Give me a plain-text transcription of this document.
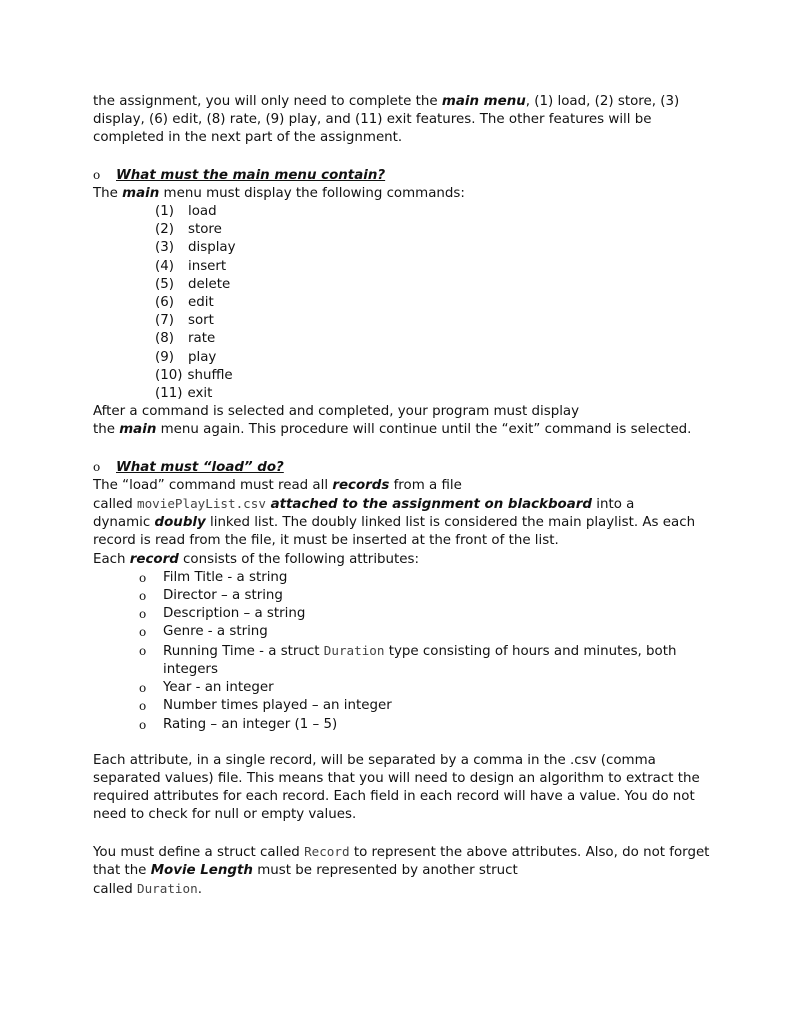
the assignment, you will only need to complete the main menu, (1) load, (2) store, (3) display, (6) edit, (8) rate, (9) play, and (11) exit features. The other features will be completed in the next part of the assignment.

o	What must the main menu contain?

The main menu must display the following commands:

(1)	load
(2)	store
(3)	display
(4)	insert
(5)	delete
(6)	edit
(7)	sort
(8)	rate
(9)	play
(10) shuffle
(11) exit

After a command is selected and completed, your program must display

the main menu again. This procedure will continue until the “exit” command is selected.

o	What must “load” do?

The “load” command must read all records from a file

called moviePlayList.csv attached to the assignment on blackboard into a

dynamic doubly linked list. The doubly linked list is considered the main playlist. As each record is read from the file, it must be inserted at the front of the list.

Each record consists of the following attributes:

o	Film Title - a string
o	Director – a string
o	Description – a string
o	Genre - a string
o	Running Time - a struct Duration type consisting of hours and minutes, both integers
o	Year - an integer
o	Number times played – an integer
o	Rating – an integer (1 – 5)

Each attribute, in a single record, will be separated by a comma in the .csv (comma separated values) file. This means that you will need to design an algorithm to extract the required attributes for each record. Each field in each record will have a value. You do not need to check for null or empty values.

You must define a struct called Record to represent the above attributes. Also, do not forget that the Movie Length must be represented by another struct

called Duration.
